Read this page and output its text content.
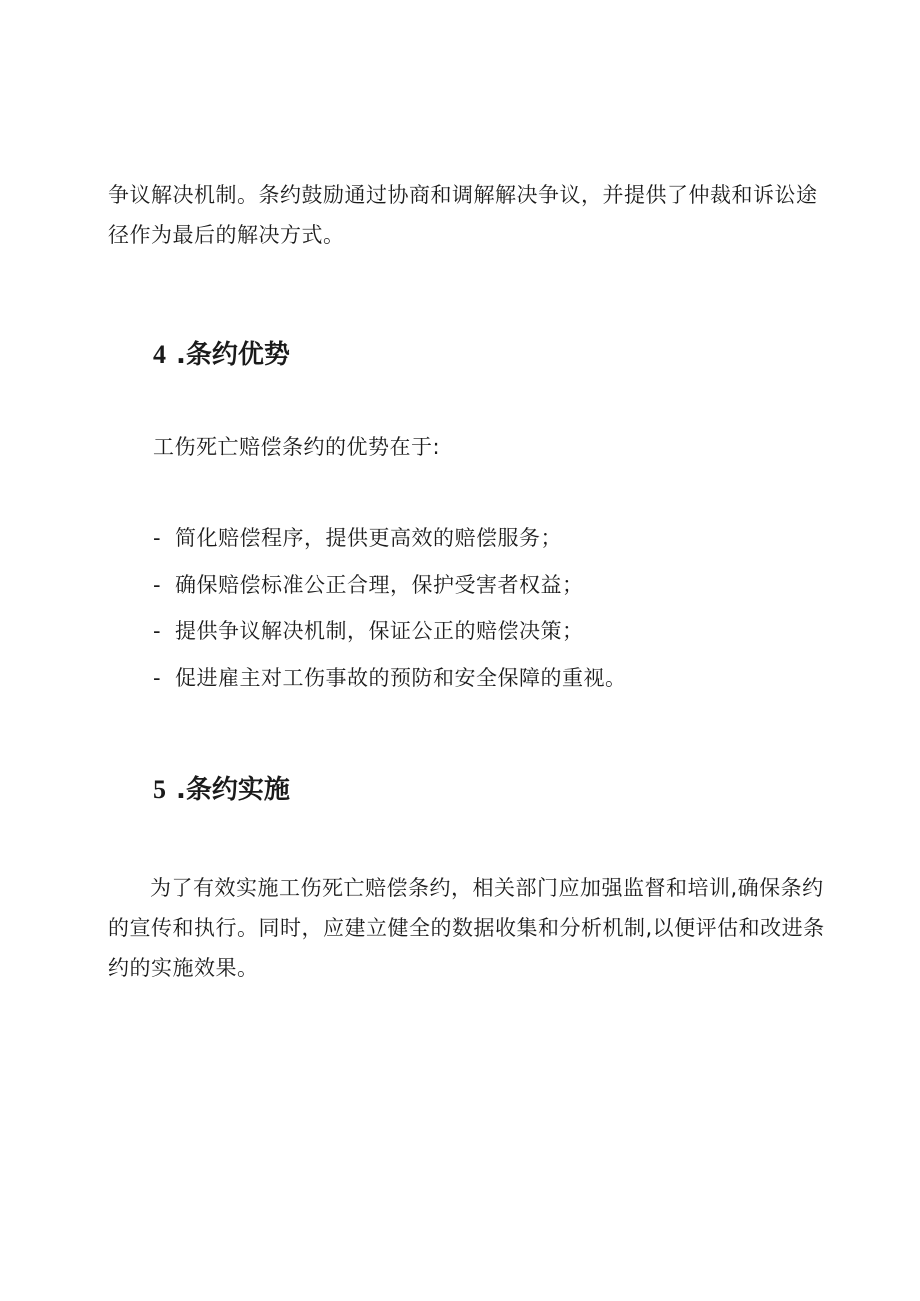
争议解决机制。条约鼓励通过协商和调解解决争议，并提供了仲裁和诉讼途径作为最后的解决方式。

4 .条约优势

工伤死亡赔偿条约的优势在于:

- 简化赔偿程序，提供更高效的赔偿服务；
- 确保赔偿标准公正合理，保护受害者权益；
- 提供争议解决机制，保证公正的赔偿决策；
- 促进雇主对工伤事故的预防和安全保障的重视。
5 .条约实施

为了有效实施工伤死亡赔偿条约，相关部门应加强监督和培训,确保条约的宣传和执行。同时，应建立健全的数据收集和分析机制,以便评估和改进条约的实施效果。
